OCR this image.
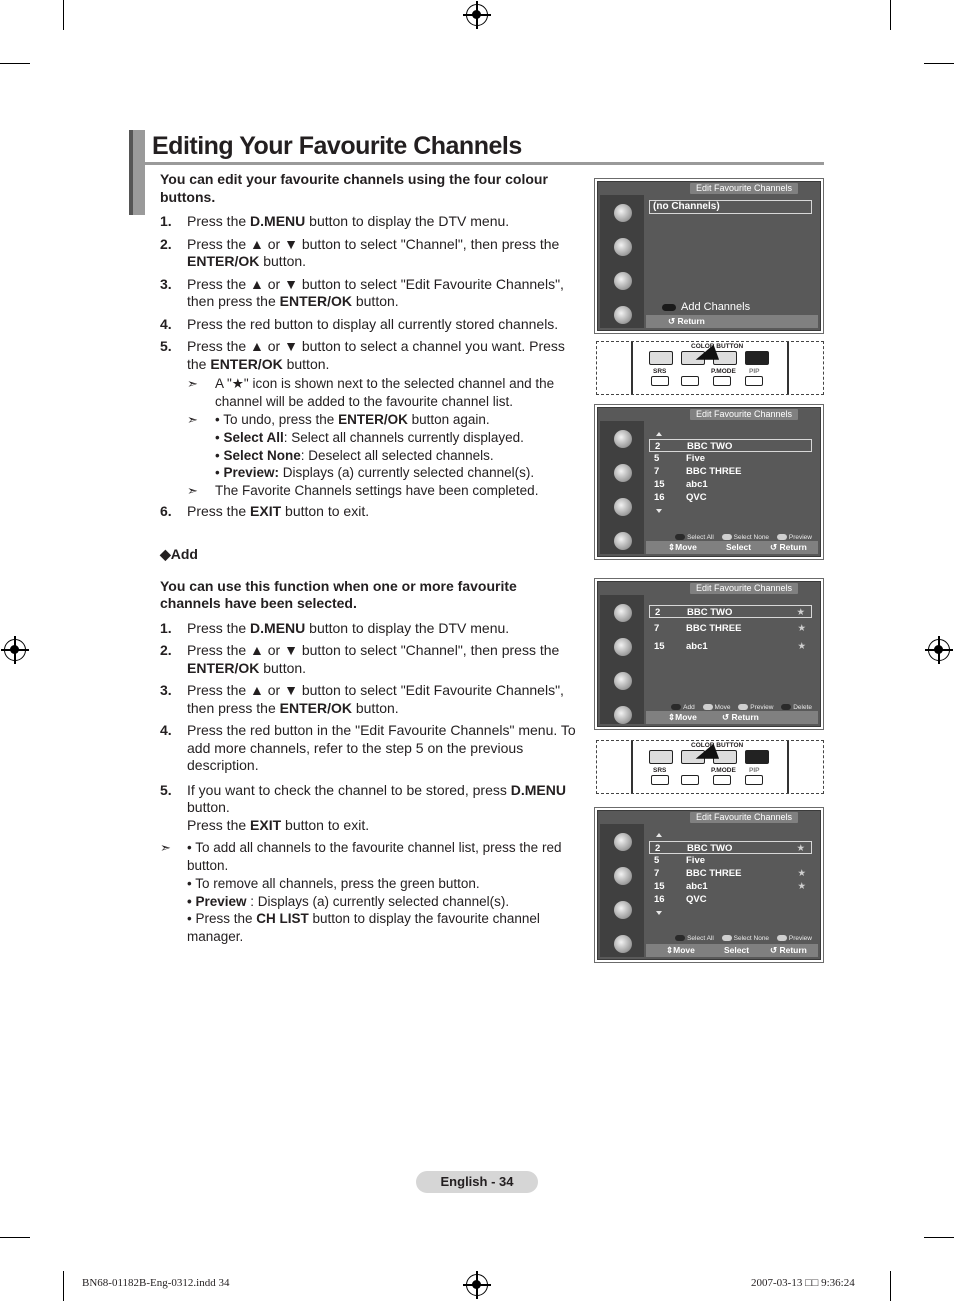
Editing Your Favourite Channels
You can edit your favourite channels using the four colour buttons.
1. Press the D.MENU button to display the DTV menu.
2. Press the ▲ or ▼ button to select "Channel", then press the ENTER/OK button.
3. Press the ▲ or ▼ button to select "Edit Favourite Channels", then press the ENTER/OK button.
4. Press the red button to display all currently stored channels.
5. Press the ▲ or ▼ button to select a channel you want. Press the ENTER/OK button.
➣ A "★" icon is shown next to the selected channel and the channel will be added to the favourite channel list.
➣ • To undo, press the ENTER/OK button again.
• Select All: Select all channels currently displayed.
• Select None: Deselect all selected channels.
• Preview: Displays (a) currently selected channel(s).
➣ The Favorite Channels settings have been completed.
6. Press the EXIT button to exit.
◆Add
You can use this function when one or more favourite channels have been selected.
1. Press the D.MENU button to display the DTV menu.
2. Press the ▲ or ▼ button to select "Channel", then press the ENTER/OK button.
3. Press the ▲ or ▼ button to select "Edit Favourite Channels", then press the ENTER/OK button.
4. Press the red button in the "Edit Favourite Channels" menu. To add more channels, refer to the step 5 on the previous description.
5. If you want to check the channel to be stored, press D.MENU button.
Press the EXIT button to exit.
➣ • To add all channels to the favourite channel list, press the red button.
• To remove all channels, press the green button.
• Preview : Displays (a) currently selected channel(s).
• Press the CH LIST button to display the favourite channel manager.
Edit Favourite Channels
(no Channels)
Add Channels
↺ Return
COLOR BUTTON
SRS	P.MODE PIP
Edit Favourite Channels
2	BBC TWO
5	Five
7	BBC THREE
15 abc1
16 QVC
Select All	Select None	Preview
⇕Move	Select ↺ Return
Edit Favourite Channels
2	BBC TWO	★
7	BBC THREE	★
15 abc1	★
Add	Move	Preview	Delete
⇕Move	↺ Return
COLOR BUTTON
SRS	P.MODE PIP
Edit Favourite Channels
2	BBC TWO	★
5	Five
7	BBC THREE	★
15 abc1	★
16 QVC
Select All	Select None	Preview
⇕Move	Select ↺ Return
English - 34
BN68-01182B-Eng-0312.indd 34	2007-03-13 □□ 9:36:24
